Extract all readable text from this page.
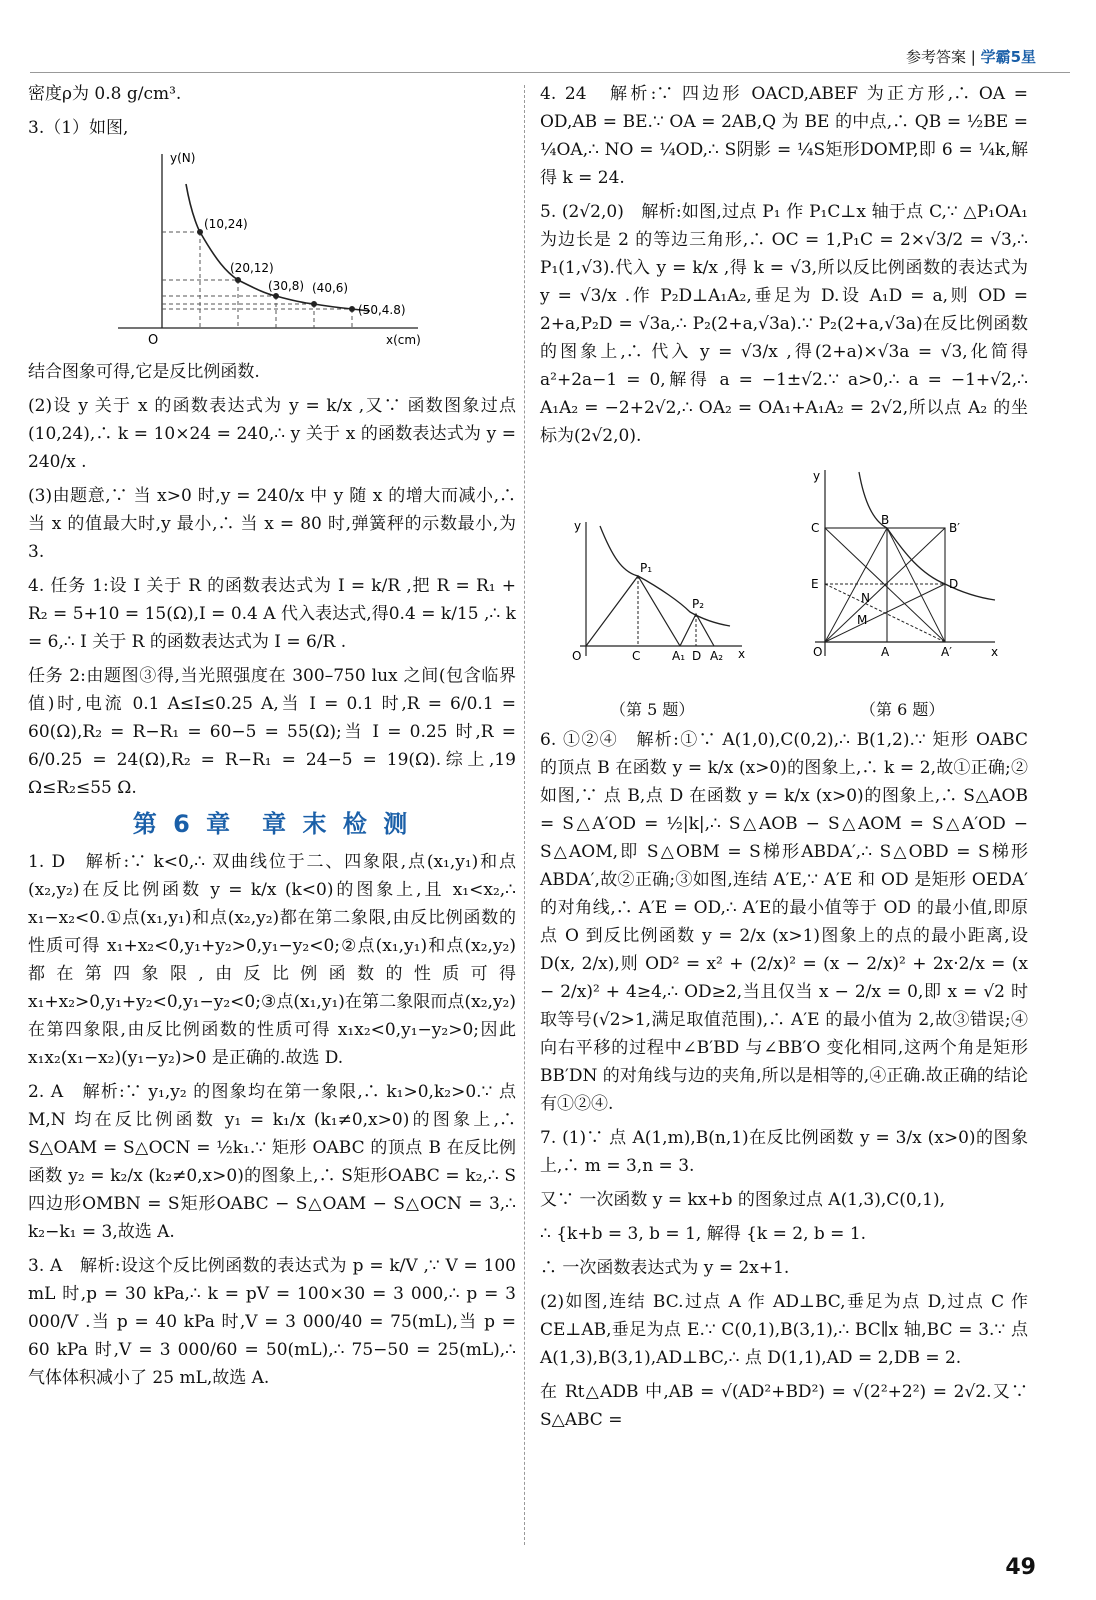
参考答案 | 学霸5星

密度ρ为 0.8 g/cm³.

3.（1）如图,

y(N)
x(cm)
O
(10,24)
(20,12)
(30,8) (40,6)
(50,4.8)

结合图象可得,它是反比例函数.

(2)设 y 关于 x 的函数表达式为 y = k/x ,又∵ 函数图象过点(10,24),∴ k = 10×24 = 240,∴ y 关于 x 的函数表达式为 y = 240/x .

(3)由题意,∵ 当 x>0 时,y = 240/x 中 y 随 x 的增大而减小,∴ 当 x 的值最大时,y 最小,∴ 当 x = 80 时,弹簧秤的示数最小,为 3.

4. 任务 1:设 I 关于 R 的函数表达式为 I = k/R ,把 R = R₁ + R₂ = 5+10 = 15(Ω),I = 0.4 A 代入表达式,得0.4 = k/15 ,∴ k = 6,∴ I 关于 R 的函数表达式为 I = 6/R .

任务 2:由题图③得,当光照强度在 300–750 lux 之间(包含临界值)时,电流 0.1 A≤I≤0.25 A,当 I = 0.1 时,R = 6/0.1 = 60(Ω),R₂ = R−R₁ = 60−5 = 55(Ω);当 I = 0.25 时,R = 6/0.25 = 24(Ω),R₂ = R−R₁ = 24−5 = 19(Ω).综上,19 Ω≤R₂≤55 Ω.

第 6 章　章 末 检 测

1. D　解析:∵ k<0,∴ 双曲线位于二、四象限,点(x₁,y₁)和点(x₂,y₂)在反比例函数 y = k/x (k<0)的图象上,且 x₁<x₂,∴ x₁−x₂<0.①点(x₁,y₁)和点(x₂,y₂)都在第二象限,由反比例函数的性质可得 x₁+x₂<0,y₁+y₂>0,y₁−y₂<0;②点(x₁,y₁)和点(x₂,y₂)都在第四象限,由反比例函数的性质可得 x₁+x₂>0,y₁+y₂<0,y₁−y₂<0;③点(x₁,y₁)在第二象限而点(x₂,y₂)在第四象限,由反比例函数的性质可得 x₁x₂<0,y₁−y₂>0;因此 x₁x₂(x₁−x₂)(y₁−y₂)>0 是正确的.故选 D.

2. A　解析:∵ y₁,y₂ 的图象均在第一象限,∴ k₁>0,k₂>0.∵ 点 M,N 均在反比例函数 y₁ = k₁/x (k₁≠0,x>0)的图象上,∴ S△OAM = S△OCN = ½k₁.∵ 矩形 OABC 的顶点 B 在反比例函数 y₂ = k₂/x (k₂≠0,x>0)的图象上,∴ S矩形OABC = k₂,∴ S四边形OMBN = S矩形OABC − S△OAM − S△OCN = 3,∴ k₂−k₁ = 3,故选 A.

3. A　解析:设这个反比例函数的表达式为 p = k/V ,∵ V = 100 mL 时,p = 30 kPa,∴ k = pV = 100×30 = 3 000,∴ p = 3 000/V .当 p = 40 kPa 时,V = 3 000/40 = 75(mL),当 p = 60 kPa 时,V = 3 000/60 = 50(mL),∴ 75−50 = 25(mL),∴ 气体体积减小了 25 mL,故选 A.

4. 24　解析:∵ 四边形 OACD,ABEF 为正方形,∴ OA = OD,AB = BE.∵ OA = 2AB,Q 为 BE 的中点,∴ QB = ½BE = ¼OA,∴ NO = ¼OD,∴ S阴影 = ¼S矩形DOMP,即 6 = ¼k,解得 k = 24.

5. (2√2,0)　解析:如图,过点 P₁ 作 P₁C⊥x 轴于点 C,∵ △P₁OA₁ 为边长是 2 的等边三角形,∴ OC = 1,P₁C = 2×√3/2 = √3,∴ P₁(1,√3).代入 y = k/x ,得 k = √3,所以反比例函数的表达式为 y = √3/x .作 P₂D⊥A₁A₂,垂足为 D.设 A₁D = a,则 OD = 2+a,P₂D = √3a,∴ P₂(2+a,√3a).∵ P₂(2+a,√3a)在反比例函数的图象上,∴ 代入 y = √3/x ,得(2+a)×√3a = √3,化简得 a²+2a−1 = 0,解得 a = −1±√2.∵ a>0,∴ a = −1+√2,∴ A₁A₂ = −2+2√2,∴ OA₂ = OA₁+A₁A₂ = 2√2,所以点 A₂ 的坐标为(2√2,0).

y
P₁
P₂
O	C	A₁ D A₂ x
y
C
B
B′
D
E
N
M
O	A	A′	x
（第 5 题）	（第 6 题）

6. ①②④　解析:①∵ A(1,0),C(0,2),∴ B(1,2).∵ 矩形 OABC 的顶点 B 在函数 y = k/x (x>0)的图象上,∴ k = 2,故①正确;②如图,∵ 点 B,点 D 在函数 y = k/x (x>0)的图象上,∴ S△AOB = S△A′OD = ½|k|,∴ S△AOB − S△AOM = S△A′OD − S△AOM,即 S△OBM = S梯形ABDA′,∴ S△OBD = S梯形ABDA′,故②正确;③如图,连结 A′E,∵ A′E 和 OD 是矩形 OEDA′ 的对角线,∴ A′E = OD,∴ A′E的最小值等于 OD 的最小值,即原点 O 到反比例函数 y = 2/x (x>1)图象上的点的最小距离,设 D(x, 2/x),则 OD² = x² + (2/x)² = (x − 2/x)² + 2x·2/x = (x − 2/x)² + 4≥4,∴ OD≥2,当且仅当 x − 2/x = 0,即 x = √2 时取等号(√2>1,满足取值范围),∴ A′E 的最小值为 2,故③错误;④向右平移的过程中∠B′BD 与∠BB′O 变化相同,这两个角是矩形 BB′DN 的对角线与边的夹角,所以是相等的,④正确.故正确的结论有①②④.

7. (1)∵ 点 A(1,m),B(n,1)在反比例函数 y = 3/x (x>0)的图象上,∴ m = 3,n = 3.

又∵ 一次函数 y = kx+b 的图象过点 A(1,3),C(0,1),

∴ {k+b = 3, b = 1, 解得 {k = 2, b = 1.

∴ 一次函数表达式为 y = 2x+1.

(2)如图,连结 BC.过点 A 作 AD⊥BC,垂足为点 D,过点 C 作 CE⊥AB,垂足为点 E.∵ C(0,1),B(3,1),∴ BC∥x 轴,BC = 3.∵ 点 A(1,3),B(3,1),AD⊥BC,∴ 点 D(1,1),AD = 2,DB = 2.

在 Rt△ADB 中,AB = √(AD²+BD²) = √(2²+2²) = 2√2.又∵ S△ABC =

49
